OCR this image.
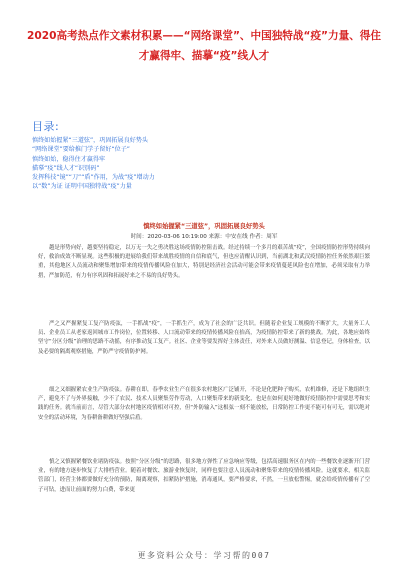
2020高考热点作文素材积累——“网络课堂”、中国独特战“疫”力量、得住才赢得牢、描摹“疫”线人才
目录:
慎终如始握紧“三道弦”，巩固拓展良好势头
“网络课堂”要给推门学子留好“位子”
慎终如始，稳得住才赢得牢
描摹“疫”线人才“识别码”
发挥科技“镜”“刀”“盾”作用，为战“疫”增动力
以“数”为证 证明中国独特战“疫”力量
慎终如始握紧“三道弦”，巩固拓展良好势头
时间：2020-03-06 10:19:00 来源：中安在线 作者：周军

越是形势向好，越要坚持稳定，以万无一失之勇决胜这场疫情防控阻击战。经过持续一个多月的艰苦战“疫”，全国疫情防控形势持续向好，救治成效不断显现。这些积极的进展给我们带来战胜疫情的自信和底气，但也应清醒认识到，当前湖北和武汉疫情防控任务依然艰巨繁重，其他地区人员流动和聚集增加带来的疫情传播风险在加大，特别是经济社会活动可能会带来疫情蔓延风险也在增加，必须采取有力举措，严加防范，有力有序巩固和拓展好来之不易的良好势头。

严之又严握紧复工复产防疫弦，一手抓战“疫”，一手抓生产，成为了社会的广泛共识。但随着企业复工规模的不断扩大，大量务工人员、企业员工从老家返回城市工作岗位，位置转移、人口流动带来的疫情传播风险在抬高，为疫情防控带来了新的挑战。为此，各地应始终坚守“分区分级”治理的思路不动摇，有序推动复工复产。社区、企业等要发挥好主体责任，对外来人员做好测温、信息登记，身体检查，以及必要的隔离观察措施，严防严守疫情防护网。

细之又细握紧农业生产防疫弦。春耕在即，春季农业生产在很多农村地区广泛铺开，不论是化肥种子购买，农机维修，还是下地组织生产，避免不了与外界接触，少不了农民、技术人员聚集劳作劳动，人口聚集带来的新变化，也是在如何更好地做好疫情防控中需要思考和实践的任务。就当前而言，尽管大部分农村地区疫情相对可控，但“外防输入”这根弦一刻不能放松，日常防控工作更不能可有可无，需以绝对安全的活动环境，为春耕备耕做好坚强后盾。

慎之又慎握紧餐饮业诸防疫弦。按照“分区分级”的思路，很多地方弹性了应急响应等级，包括高速服务区在内的一些餐饮业逐渐开门营业，有的地方逐步恢复了大排档营业。随着对餐饮、旅游业恢复时，同样也要注意人员流动和聚集带来的疫情传播风险。这就要求，相关监管部门，经营主体都要做好充分的预防，隔离观察，扣紧防护措施，消毒通风，要严格要求，不然，一旦放松警惕，就会给疫情传播有了空子可钻，进而让前面的努力白费，带来更

更多资料公众号：学习帮的007
